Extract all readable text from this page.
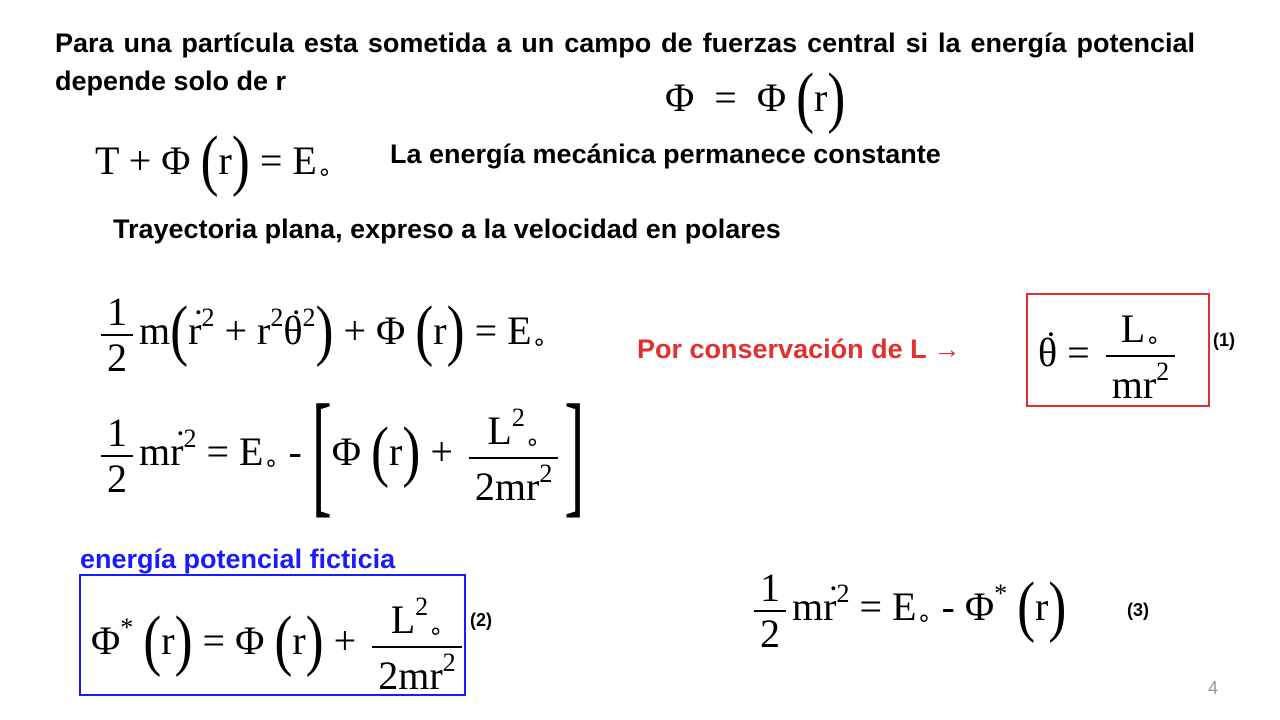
Para una partícula esta sometida a un campo de fuerzas central si la energía potencial depende solo de r	Φ = Φ (r)
T + Φ $(r) = E_\circ$
La energía mecánica permanece constante
Trayectoria plana, expreso a la velocidad en polares
$\frac{1}{2} m(r$ $.^2 + r^2\theta$ .$^2$) + Φ $(r) = E_\circ$
$\frac{1}{2}$ mr $.^2 = E_\circ - [\Phi$ $(r) + \frac{L^2_\circ}{2mr^2}$ ]
Por conservación de L → θ . = $\frac{L_\circ}{mr^2} (1)$
energía potencial ficticia
Φ* (r) = Φ $(r) + \frac{L^2_\circ}{2mr^2} (2)$	$\frac{1}{2}$ mr $.^2 = E_\circ - \Phi^*$ (r)	(3)
4
